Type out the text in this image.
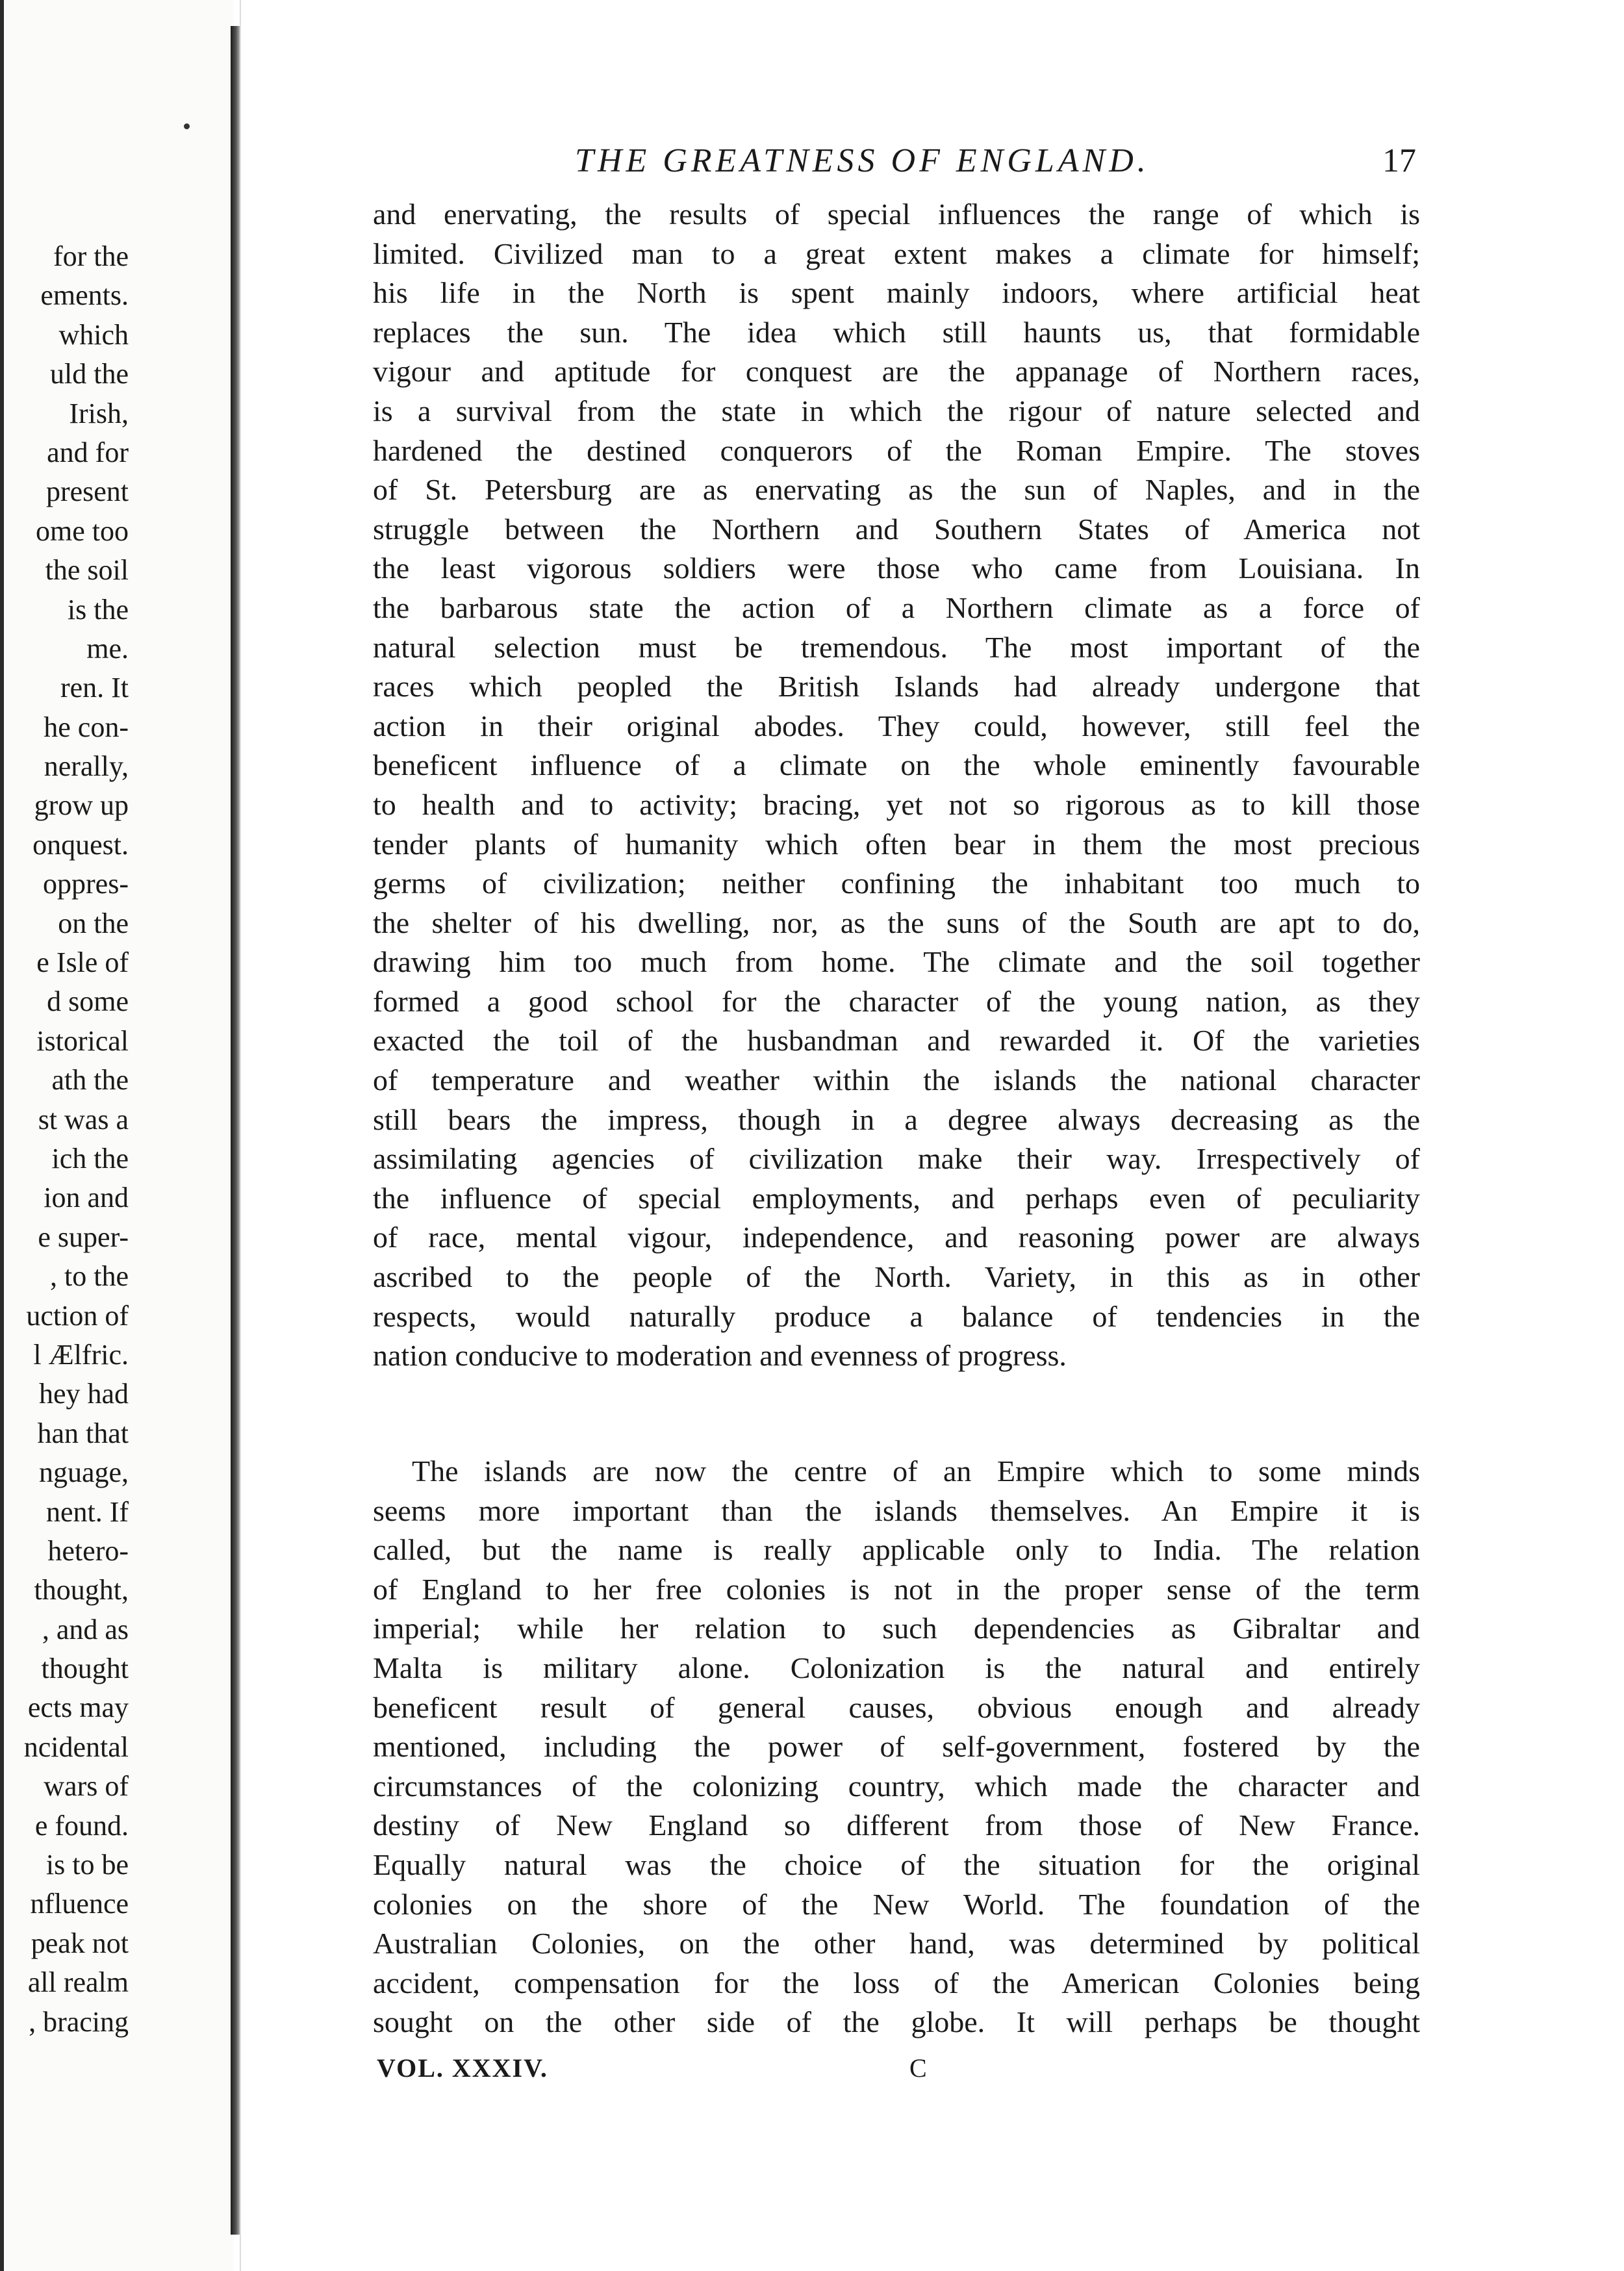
for the
ements.
which
uld the
Irish,
and for
present
ome too
the soil
is the
me.
ren. It
he con-
nerally,
grow up
onquest.
oppres-
on the
e Isle of
d some
istorical
ath the
st was a
ich the
ion and
e super-
, to the
uction of
l Ælfric.
hey had
han that
nguage,
nent. If
hetero-
thought,
, and as
thought
ects may
ncidental
wars of
e found.
is to be
nfluence
peak not
all realm
, bracing
THE GREATNESS OF ENGLAND.	17
and enervating, the results of special influences the range of which is
limited. Civilized man to a great extent makes a climate for himself;
his life in the North is spent mainly indoors, where artificial heat
replaces the sun. The idea which still haunts us, that formidable
vigour and aptitude for conquest are the appanage of Northern races,
is a survival from the state in which the rigour of nature selected and
hardened the destined conquerors of the Roman Empire. The stoves
of St. Petersburg are as enervating as the sun of Naples, and in the
struggle between the Northern and Southern States of America not
the least vigorous soldiers were those who came from Louisiana. In
the barbarous state the action of a Northern climate as a force of
natural selection must be tremendous. The most important of the
races which peopled the British Islands had already undergone that
action in their original abodes. They could, however, still feel the
beneficent influence of a climate on the whole eminently favourable
to health and to activity; bracing, yet not so rigorous as to kill those
tender plants of humanity which often bear in them the most precious
germs of civilization; neither confining the inhabitant too much to
the shelter of his dwelling, nor, as the suns of the South are apt to do,
drawing him too much from home. The climate and the soil together
formed a good school for the character of the young nation, as they
exacted the toil of the husbandman and rewarded it. Of the varieties
of temperature and weather within the islands the national character
still bears the impress, though in a degree always decreasing as the
assimilating agencies of civilization make their way. Irrespectively of
the influence of special employments, and perhaps even of peculiarity
of race, mental vigour, independence, and reasoning power are always
ascribed to the people of the North. Variety, in this as in other
respects, would naturally produce a balance of tendencies in the
nation conducive to moderation and evenness of progress.
The islands are now the centre of an Empire which to some minds
seems more important than the islands themselves. An Empire it is
called, but the name is really applicable only to India. The relation
of England to her free colonies is not in the proper sense of the term
imperial; while her relation to such dependencies as Gibraltar and
Malta is military alone. Colonization is the natural and entirely
beneficent result of general causes, obvious enough and already
mentioned, including the power of self-government, fostered by the
circumstances of the colonizing country, which made the character and
destiny of New England so different from those of New France.
Equally natural was the choice of the situation for the original
colonies on the shore of the New World. The foundation of the
Australian Colonies, on the other hand, was determined by political
accident, compensation for the loss of the American Colonies being
sought on the other side of the globe. It will perhaps be thought
VOL. XXXIV.	C
